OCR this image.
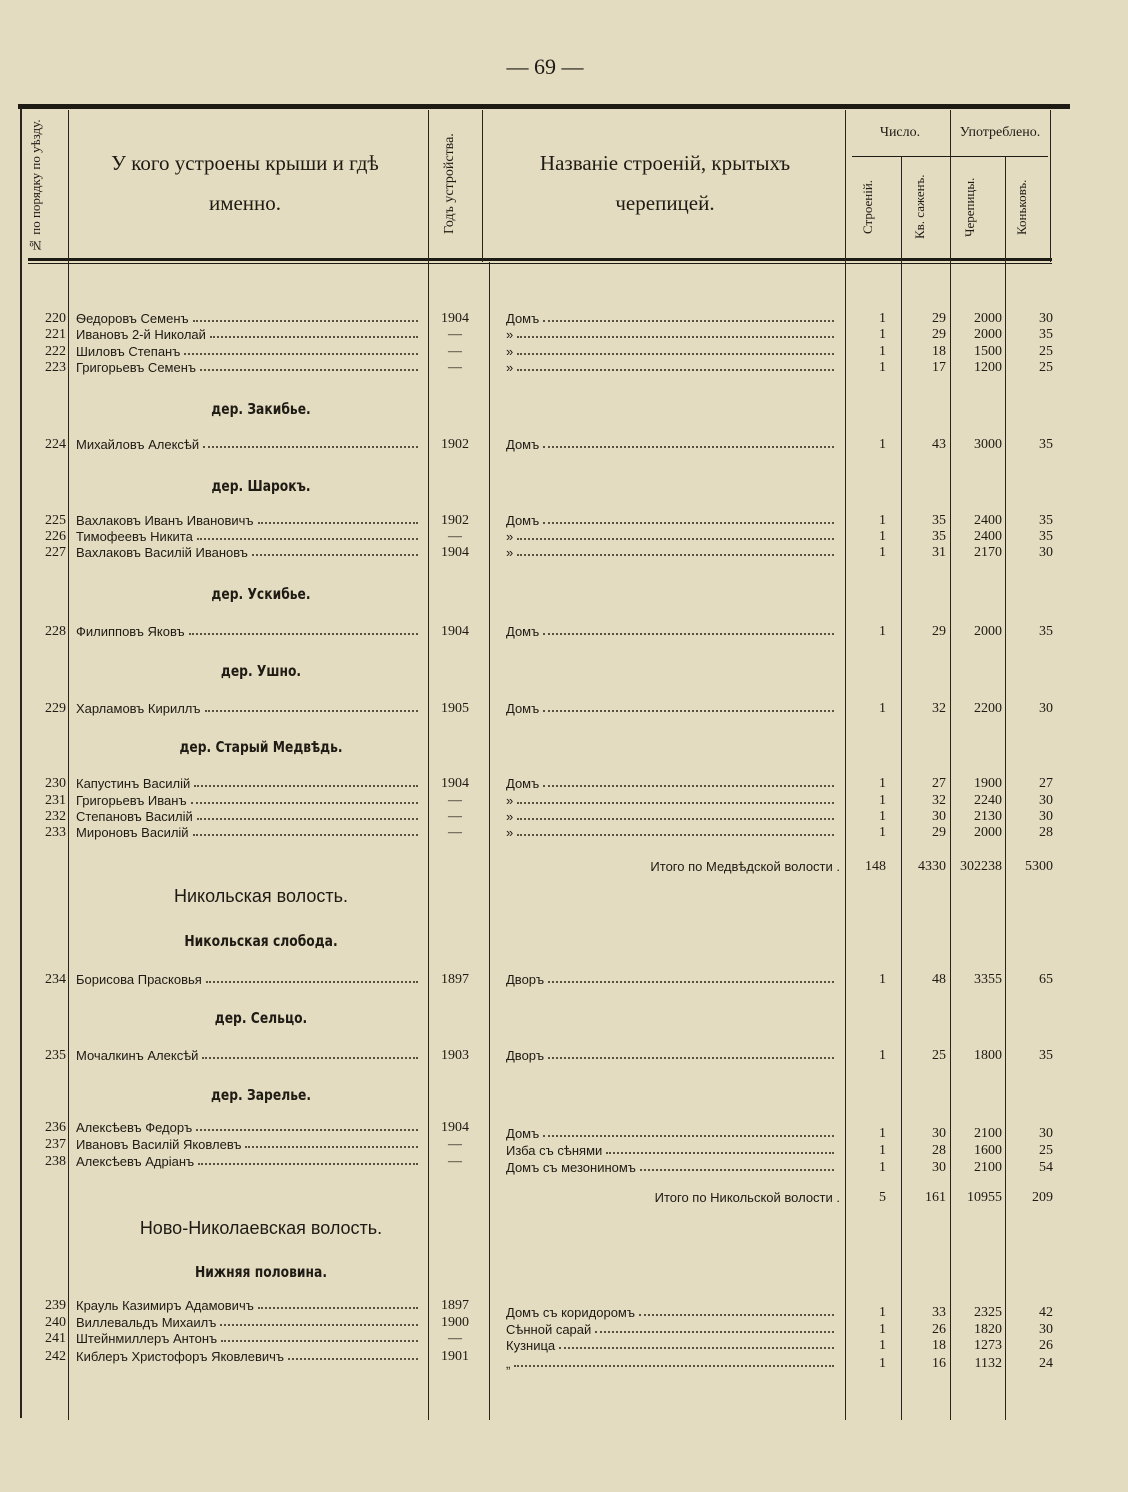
— 69 —
№ по порядку по уѣзду.	У кого устроены крыши и гдѣ именно.	Годъ устройства.	Названіе строеній, крытыхъ черепицей.
Число.	Употреблено.
Строеній.	Кв. саженъ.	Черепицы.	Коньковъ.
220 Ѳедоровъ Семенъ	1904	Домъ	1	29	2000	30
221 Ивановъ 2-й Николай	—	»	1	29	2000	35
222 Шиловъ Степанъ	—	»	1	18	1500	25
223 Григорьевъ Семенъ	—	»	1	17	1200	25
дер. Закибье.
224 Михайловъ Алексѣй	1902	Домъ	1	43	3000	35
дер. Шарокъ.
225 Вахлаковъ Иванъ Ивановичъ	1902	Домъ	1	35	2400	35
226 Тимофеевъ Никита	—	»	1	35	2400	35
227 Вахлаковъ Василій Ивановъ	1904	»	1	31	2170	30
дер. Ускибье.
228 Филипповъ Яковъ	1904	Домъ	1	29	2000	35
дер. Ушно.
229 Харламовъ Кириллъ	1905	Домъ	1	32	2200	30
дер. Старый Медвѣдь.
230 Капустинъ Василій	1904	Домъ	1	27	1900	27
231 Григорьевъ Иванъ	—	»	1	32	2240	30
232 Степановъ Василій	—	»	1	30	2130	30
233 Мироновъ Василій	—	»	1	29	2000	28
Итого по Медвѣдской волости .	148	4330	302238	5300
Никольская волость.
Никольская слобода.
234 Борисова Прасковья	1897	Дворъ	1	48	3355	65
дер. Сельцо.
235 Мочалкинъ Алексѣй	1903	Дворъ	1	25	1800	35
дер. Зарелье.
236 Алексѣевъ Федоръ	1904	Домъ	1	30	2100	30
237 Ивановъ Василій Яковлевъ	—	Изба съ сѣнями	1	28	1600	25
238 Алексѣевъ Адріанъ	—	Домъ съ мезониномъ	1	30	2100	54
Итого по Никольской волости .	5	161	10955	209
Ново-Николаевская волость.
Нижняя половина.
239 Крауль Казимиръ Адамовичъ	1897	Домъ съ коридоромъ	1	33	2325	42
240 Виллевальдъ Михаилъ	1900	Сѣнной сарай	1	26	1820	30
241 Штейнмиллеръ Антонъ	—	Кузница	1	18	1273	26
242 Киблеръ Христофоръ Яковлевичъ	1901	„	1	16	1132	24
